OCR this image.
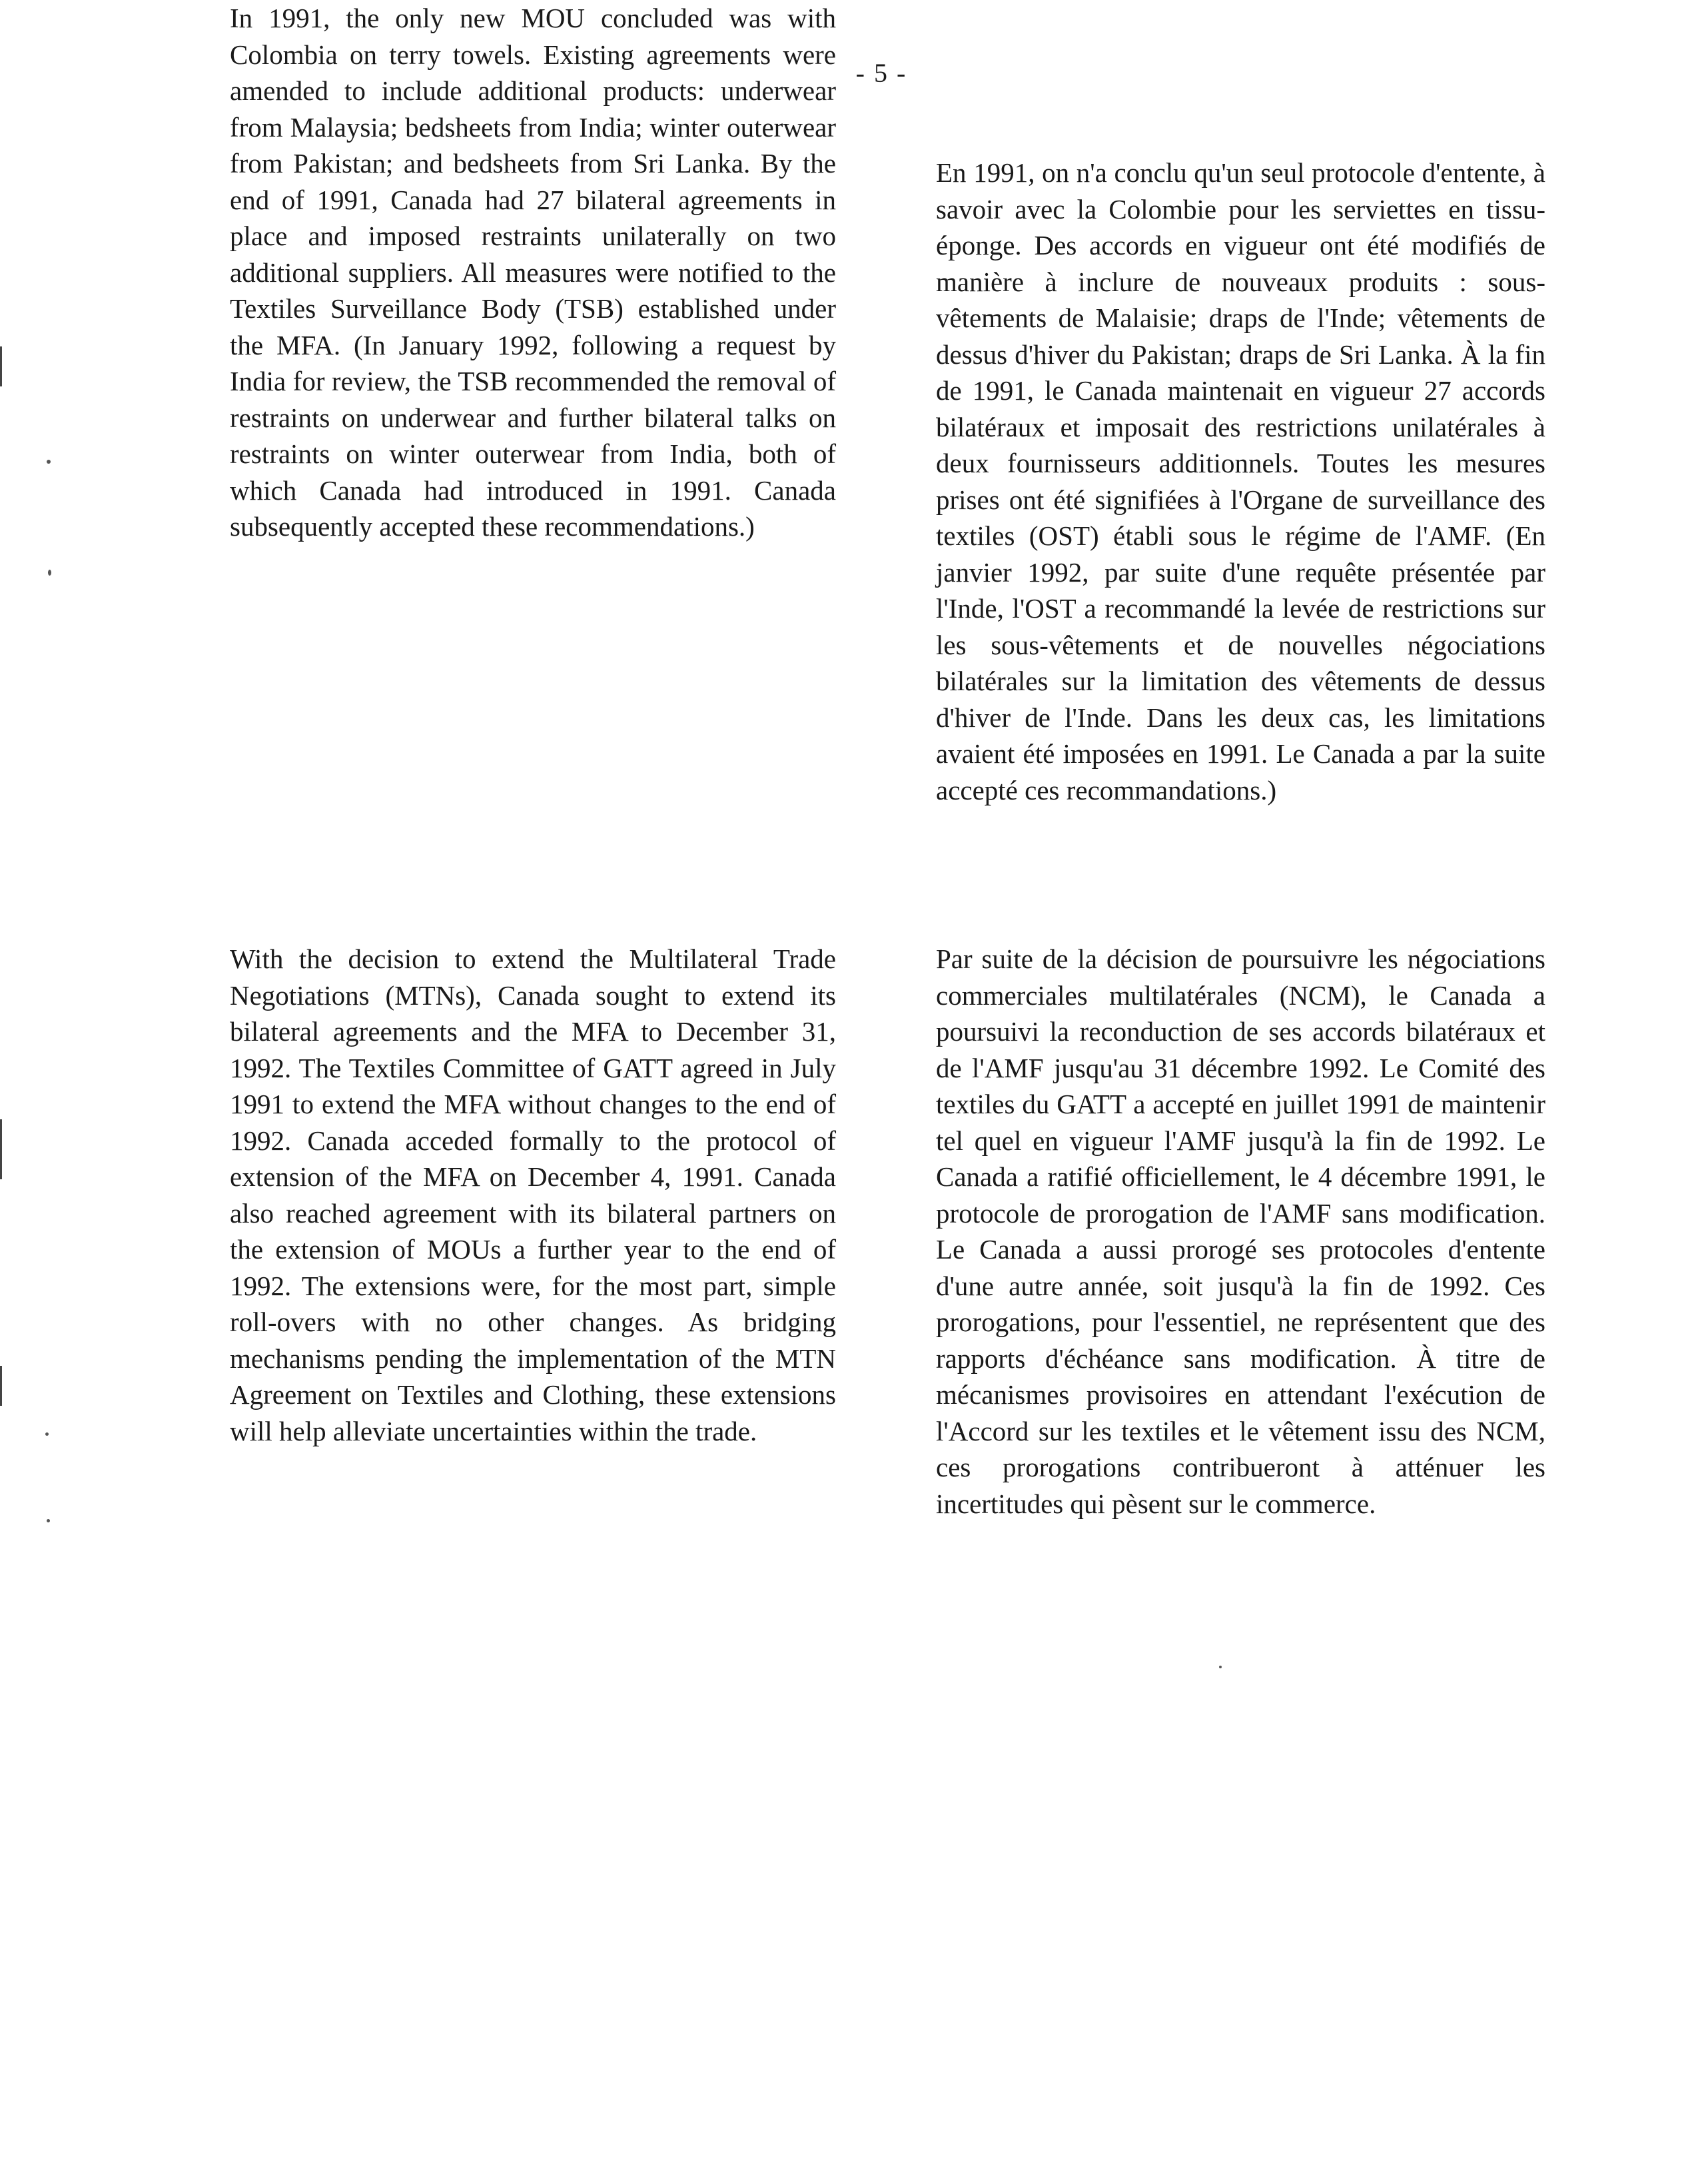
- 5 -

In 1991, the only new MOU concluded was with Colombia on terry towels. Existing agreements were amended to include additional products: underwear from Malaysia; bedsheets from India; winter outerwear from Pakistan; and bedsheets from Sri Lanka. By the end of 1991, Canada had 27 bilateral agreements in place and imposed restraints unilaterally on two additional suppliers. All measures were notified to the Textiles Surveillance Body (TSB) established under the MFA. (In January 1992, following a request by India for review, the TSB recommended the removal of restraints on underwear and further bilateral talks on restraints on winter outerwear from India, both of which Canada had introduced in 1991. Canada subsequently accepted these recommendations.)

With the decision to extend the Multilateral Trade Negotiations (MTNs), Canada sought to extend its bilateral agreements and the MFA to December 31, 1992. The Textiles Committee of GATT agreed in July 1991 to extend the MFA without changes to the end of 1992. Canada acceded formally to the protocol of extension of the MFA on December 4, 1991. Canada also reached agreement with its bilateral partners on the extension of MOUs a further year to the end of 1992. The extensions were, for the most part, simple roll-overs with no other changes. As bridging mechanisms pending the implementation of the MTN Agreement on Textiles and Clothing, these extensions will help alleviate uncertainties within the trade.

En 1991, on n'a conclu qu'un seul protocole d'entente, à savoir avec la Colombie pour les serviettes en tissu-éponge. Des accords en vigueur ont été modifiés de manière à inclure de nouveaux produits : sous-vêtements de Malaisie; draps de l'Inde; vêtements de dessus d'hiver du Pakistan; draps de Sri Lanka. À la fin de 1991, le Canada maintenait en vigueur 27 accords bilatéraux et imposait des restrictions unilatérales à deux fournisseurs additionnels. Toutes les mesures prises ont été signifiées à l'Organe de surveillance des textiles (OST) établi sous le régime de l'AMF. (En janvier 1992, par suite d'une requête présentée par l'Inde, l'OST a recommandé la levée de restrictions sur les sous-vêtements et de nouvelles négociations bilatérales sur la limitation des vêtements de dessus d'hiver de l'Inde. Dans les deux cas, les limitations avaient été imposées en 1991. Le Canada a par la suite accepté ces recommandations.)

Par suite de la décision de poursuivre les négociations commerciales multilatérales (NCM), le Canada a poursuivi la reconduction de ses accords bilatéraux et de l'AMF jusqu'au 31 décembre 1992. Le Comité des textiles du GATT a accepté en juillet 1991 de maintenir tel quel en vigueur l'AMF jusqu'à la fin de 1992. Le Canada a ratifié officiellement, le 4 décembre 1991, le protocole de prorogation de l'AMF sans modification. Le Canada a aussi prorogé ses protocoles d'entente d'une autre année, soit jusqu'à la fin de 1992. Ces prorogations, pour l'essentiel, ne représentent que des rapports d'échéance sans modification. À titre de mécanismes provisoires en attendant l'exécution de l'Accord sur les textiles et le vêtement issu des NCM, ces prorogations contribueront à atténuer les incertitudes qui pèsent sur le commerce.
